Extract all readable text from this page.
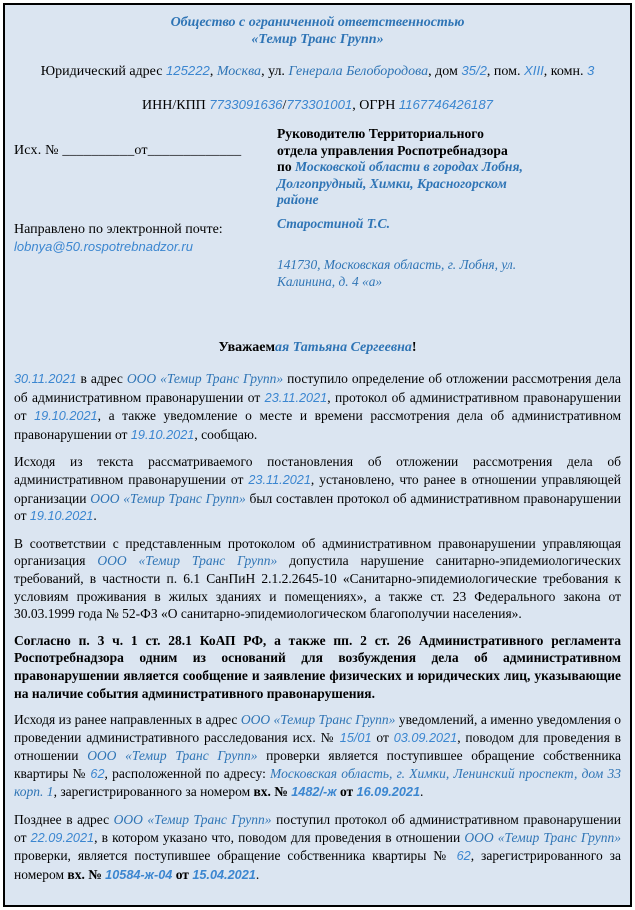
Общество с ограниченной ответственностью
«Темир Транс Групп»
Юридический адрес 125222, Москва, ул. Генерала Белобородова, дом 35/2, пом. XIII, комн. 3
ИНН/КПП 7733091636/773301001, ОГРН 1167746426187
Исх. № __________от_____________
Направлено по электронной почте:
lobnya@50.rospotrebnadzor.ru
Руководителю Территориального
отдела управления Роспотребнадзора
по Московской области в городах Лобня,
Долгопрудный, Химки, Красногорском
районе
Старостиной Т.С.
141730, Московская область, г. Лобня, ул.
Калинина, д. 4 «а»
Уважаемая Татьяна Сергеевна!

30.11.2021 в адрес ООО «Темир Транс Групп» поступило определение об отложении рассмотрения дела об административном правонарушении от 23.11.2021, протокол об административном правонарушении от 19.10.2021, а также уведомление о месте и времени рассмотрения дела об административном правонарушении от 19.10.2021, сообщаю.

Исходя из текста рассматриваемого постановления об отложении рассмотрения дела об административном правонарушении от 23.11.2021, установлено, что ранее в отношении управляющей организации ООО «Темир Транс Групп» был составлен протокол об административном правонарушении от 19.10.2021.

В соответствии с представленным протоколом об административном правонарушении управляющая организация ООО «Темир Транс Групп» допустила нарушение санитарно-эпидемиологических требований, в частности п. 6.1 СанПиН 2.1.2.2645-10 «Санитарно-эпидемиологические требования к условиям проживания в жилых зданиях и помещениях», а также ст. 23 Федерального закона от 30.03.1999 года № 52-ФЗ «О санитарно-эпидемиологическом благополучии населения».

Согласно п. 3 ч. 1 ст. 28.1 КоАП РФ, а также пп. 2 ст. 26 Административного регламента Роспотребнадзора одним из оснований для возбуждения дела об административном правонарушении является сообщение и заявление физических и юридических лиц, указывающие на наличие события административного правонарушения.

Исходя из ранее направленных в адрес ООО «Темир Транс Групп» уведомлений, а именно уведомления о проведении административного расследования исх. № 15/01 от 03.09.2021, поводом для проведения в отношении ООО «Темир Транс Групп» проверки является поступившее обращение собственника квартиры № 62, расположенной по адресу: Московская область, г. Химки, Ленинский проспект, дом 33 корп. 1, зарегистрированного за номером вх. № 1482/-ж от 16.09.2021.

Позднее в адрес ООО «Темир Транс Групп» поступил протокол об административном правонарушении от 22.09.2021, в котором указано что, поводом для проведения в отношении ООО «Темир Транс Групп» проверки, является поступившее обращение собственника квартиры № 62, зарегистрированного за номером вх. № 10584-ж-04 от 15.04.2021.
